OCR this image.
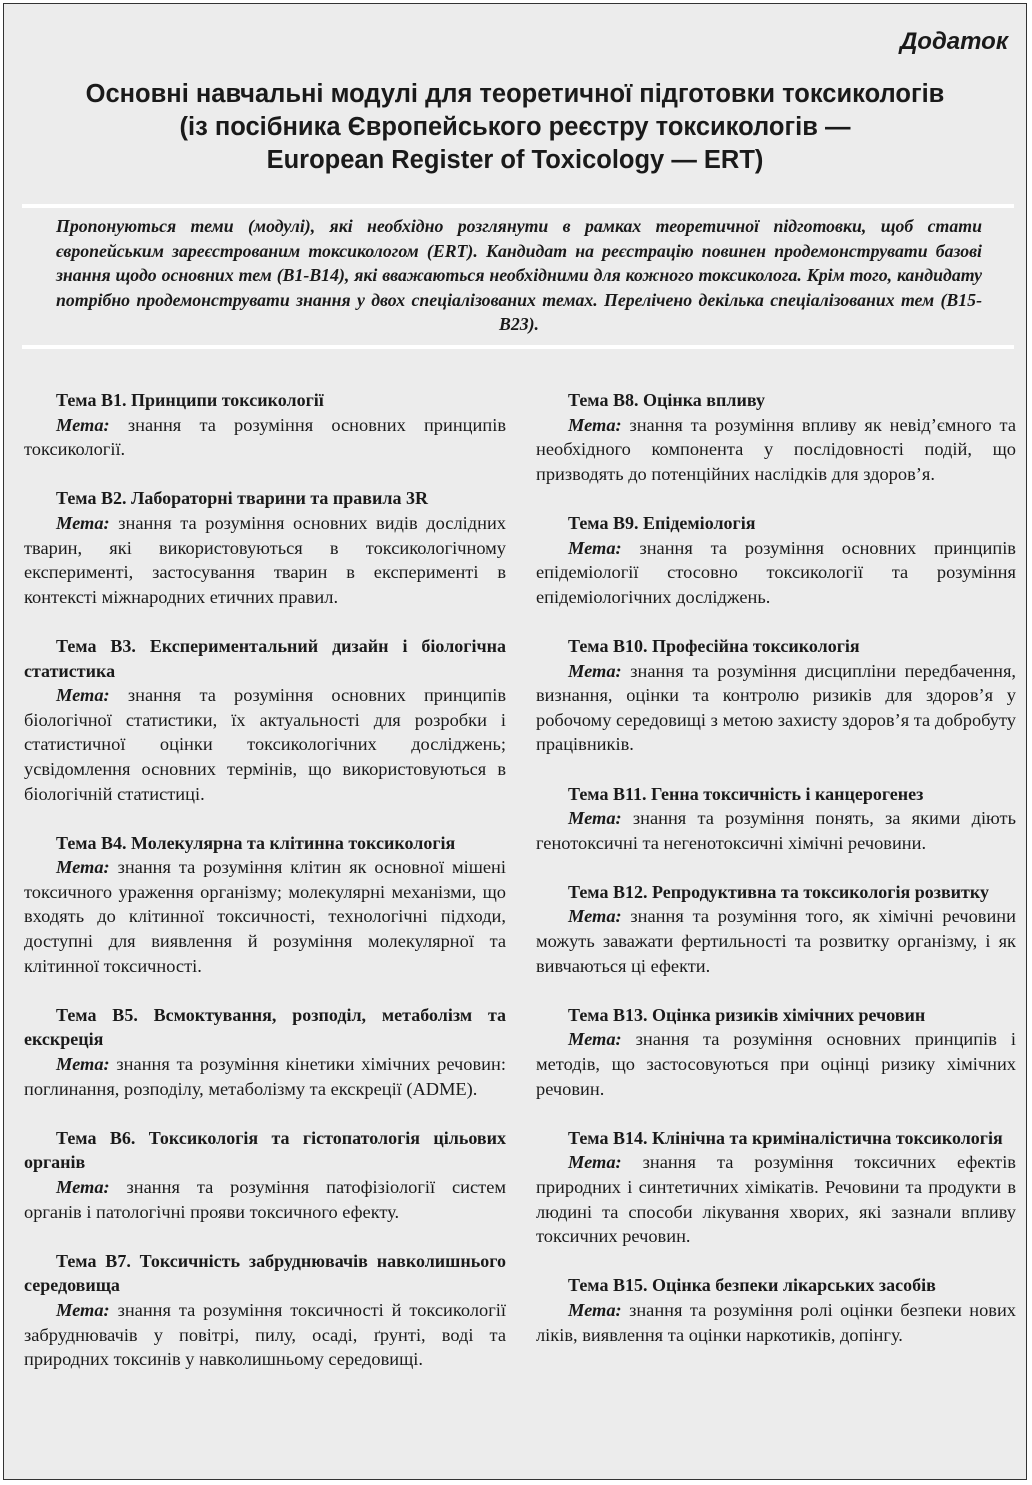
Додаток
Основні навчальні модулі для теоретичної підготовки токсикологів
(із посібника Європейського реєстру токсикологів —
European Register of Toxicology — ERT)
Пропонуються теми (модулі), які необхідно розглянути в рамках теоретичної підготовки, щоб стати європейським зареєстрованим токсикологом (ERT). Кандидат на реєстрацію повинен продемонструвати базові знання щодо основних тем (B1-B14), які вважаються необхідними для кожного токсиколога. Крім того, кандидату потрібно продемонструвати знання у двох спеціалізованих темах. Перелічено декілька спеціалізованих тем (B15-B23).
Тема В1. Принципи токсикології
Мета: знання та розуміння основних принципів токсикології.
Тема В2. Лабораторні тварини та правила 3R
Мета: знання та розуміння основних видів дослідних тварин, які використовуються в токсикологічному експерименті, застосування тварин в експерименті в контексті міжнародних етичних правил.
Тема В3. Експериментальний дизайн і біологічна статистика
Мета: знання та розуміння основних принципів біологічної статистики, їх актуальності для розробки і статистичної оцінки токсикологічних досліджень; усвідомлення основних термінів, що використовуються в біологічній статистиці.
Тема В4. Молекулярна та клітинна токсикологія
Мета: знання та розуміння клітин як основної мішені токсичного ураження організму; молекулярні механізми, що входять до клітинної токсичності, технологічні підходи, доступні для виявлення й розуміння молекулярної та клітинної токсичності.
Тема В5. Всмоктування, розподіл, метаболізм та екскреція
Мета: знання та розуміння кінетики хімічних речовин: поглинання, розподілу, метаболізму та екскреції (ADME).
Тема В6. Токсикологія та гістопатологія цільових органів
Мета: знання та розуміння патофізіології систем органів і патологічні прояви токсичного ефекту.
Тема В7. Токсичність забруднювачів навколишнього середовища
Мета: знання та розуміння токсичності й токсикології забруднювачів у повітрі, пилу, осаді, ґрунті, воді та природних токсинів у навколишньому середовищі.
Тема В8. Оцінка впливу
Мета: знання та розуміння впливу як невід’ємного та необхідного компонента у послідовності подій, що призводять до потенційних наслідків для здоров’я.
Тема В9. Епідеміологія
Мета: знання та розуміння основних принципів епідеміології стосовно токсикології та розуміння епідеміологічних досліджень.
Тема В10. Професійна токсикологія
Мета: знання та розуміння дисципліни передбачення, визнання, оцінки та контролю ризиків для здоров’я у робочому середовищі з метою захисту здоров’я та добробуту працівників.
Тема В11. Генна токсичність і канцерогенез
Мета: знання та розуміння понять, за якими діють генотоксичні та негенотоксичні хімічні речовини.
Тема В12. Репродуктивна та токсикологія розвитку
Мета: знання та розуміння того, як хімічні речовини можуть заважати фертильності та розвитку організму, і як вивчаються ці ефекти.
Тема В13. Оцінка ризиків хімічних речовин
Мета: знання та розуміння основних принципів і методів, що застосовуються при оцінці ризику хімічних речовин.
Тема В14. Клінічна та криміналістична токсикологія
Мета: знання та розуміння токсичних ефектів природних і синтетичних хімікатів. Речовини та продукти в людині та способи лікування хворих, які зазнали впливу токсичних речовин.
Тема В15. Оцінка безпеки лікарських засобів
Мета: знання та розуміння ролі оцінки безпеки нових ліків, виявлення та оцінки наркотиків, допінгу.
